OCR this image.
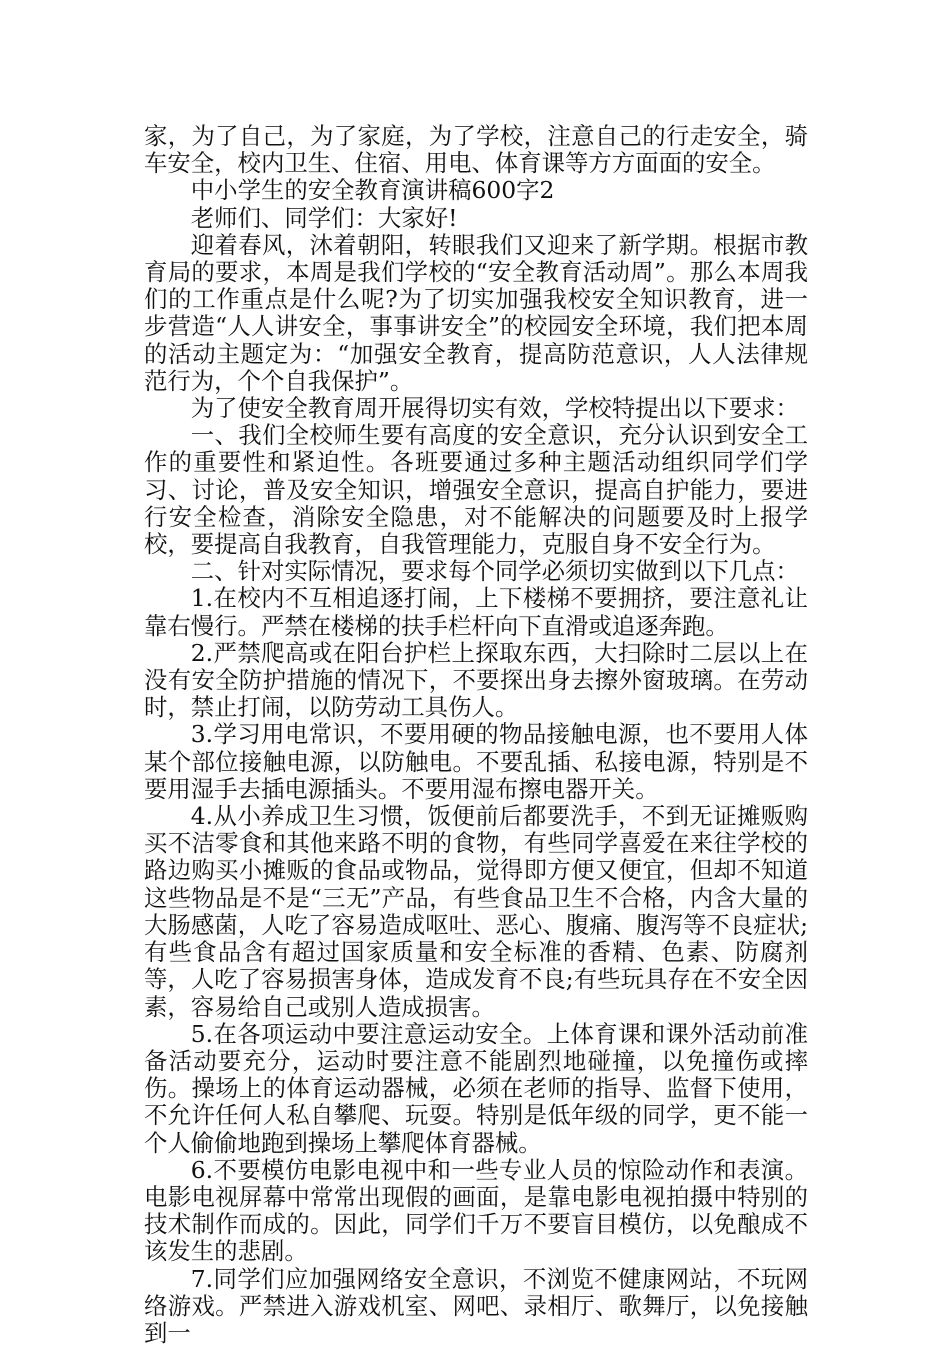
家，为了自己，为了家庭，为了学校，注意自己的行走安全，骑车安全，校内卫生、住宿、用电、体育课等方方面面的安全。

中小学生的安全教育演讲稿600字2

老师们、同学们：大家好!

迎着春风，沐着朝阳，转眼我们又迎来了新学期。根据市教育局的要求，本周是我们学校的“安全教育活动周”。那么本周我们的工作重点是什么呢?为了切实加强我校安全知识教育，进一步营造“人人讲安全，事事讲安全”的校园安全环境，我们把本周的活动主题定为：“加强安全教育，提高防范意识，人人法律规范行为，个个自我保护”。

为了使安全教育周开展得切实有效，学校特提出以下要求：

一、我们全校师生要有高度的安全意识，充分认识到安全工作的重要性和紧迫性。各班要通过多种主题活动组织同学们学习、讨论，普及安全知识，增强安全意识，提高自护能力，要进行安全检查，消除安全隐患，对不能解决的问题要及时上报学校，要提高自我教育，自我管理能力，克服自身不安全行为。

二、针对实际情况，要求每个同学必须切实做到以下几点：

1.在校内不互相追逐打闹，上下楼梯不要拥挤，要注意礼让靠右慢行。严禁在楼梯的扶手栏杆向下直滑或追逐奔跑。

2.严禁爬高或在阳台护栏上探取东西，大扫除时二层以上在没有安全防护措施的情况下，不要探出身去擦外窗玻璃。在劳动时，禁止打闹，以防劳动工具伤人。

3.学习用电常识，不要用硬的物品接触电源，也不要用人体某个部位接触电源，以防触电。不要乱插、私接电源，特别是不要用湿手去插电源插头。不要用湿布擦电器开关。

4.从小养成卫生习惯，饭便前后都要洗手，不到无证摊贩购买不洁零食和其他来路不明的食物，有些同学喜爱在来往学校的路边购买小摊贩的食品或物品，觉得即方便又便宜，但却不知道这些物品是不是“三无”产品，有些食品卫生不合格，内含大量的大肠感菌，人吃了容易造成呕吐、恶心、腹痛、腹泻等不良症状;有些食品含有超过国家质量和安全标准的香精、色素、防腐剂等，人吃了容易损害身体，造成发育不良;有些玩具存在不安全因素，容易给自己或别人造成损害。

5.在各项运动中要注意运动安全。上体育课和课外活动前准备活动要充分，运动时要注意不能剧烈地碰撞，以免撞伤或摔伤。操场上的体育运动器械，必须在老师的指导、监督下使用，不允许任何人私自攀爬、玩耍。特别是低年级的同学，更不能一个人偷偷地跑到操场上攀爬体育器械。

6.不要模仿电影电视中和一些专业人员的惊险动作和表演。电影电视屏幕中常常出现假的画面，是靠电影电视拍摄中特别的技术制作而成的。因此，同学们千万不要盲目模仿，以免酿成不该发生的悲剧。

7.同学们应加强网络安全意识，不浏览不健康网站，不玩网络游戏。严禁进入游戏机室、网吧、录相厅、歌舞厅，以免接触到一
